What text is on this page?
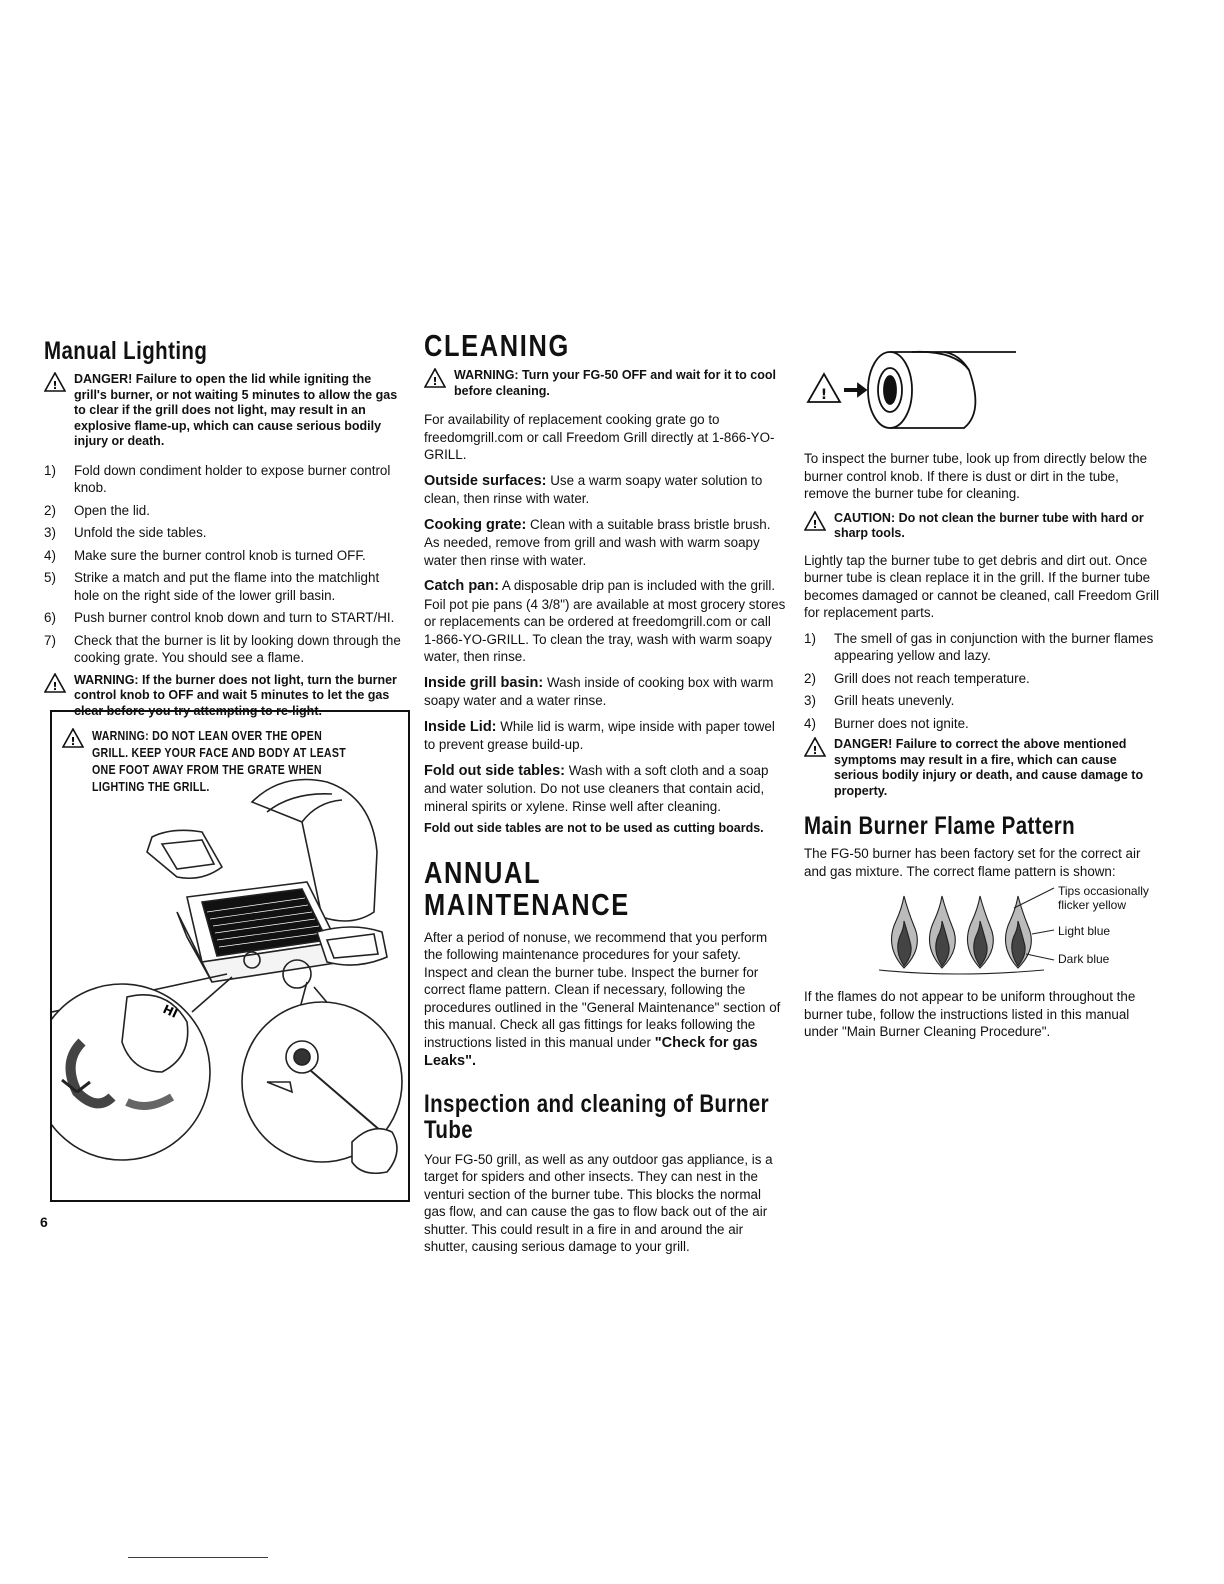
Manual Lighting
! DANGER! Failure to open the lid while igniting the grill's burner, or not waiting 5 minutes to allow the gas to clear if the grill does not light, may result in an explosive flame-up, which can cause serious bodily injury or death.
1)	Fold down condiment holder to expose burner control knob.
2)	Open the lid.
3)	Unfold the side tables.
4)	Make sure the burner control knob is turned OFF.
5)	Strike a match and put the flame into the matchlight hole on the right side of the lower grill basin.
6)	Push burner control knob down and turn to START/HI.
7)	Check that the burner is lit by looking down through the cooking grate. You should see a flame.
! WARNING: If the burner does not light, turn the burner control knob to OFF and wait 5 minutes to let the gas clear before you try attempting to re-light.
! WARNING: DO NOT LEAN OVER THE OPEN GRILL. KEEP YOUR FACE AND BODY AT LEAST ONE FOOT AWAY FROM THE GRATE WHEN LIGHTING THE GRILL.
HI
CLEANING
! WARNING: Turn your FG-50 OFF and wait for it to cool before cleaning.

For availability of replacement cooking grate go to freedomgrill.com or call Freedom Grill directly at 1-866-YO-GRILL.

Outside surfaces: Use a warm soapy water solution to clean, then rinse with water.

Cooking grate: Clean with a suitable brass bristle brush. As needed, remove from grill and wash with warm soapy water then rinse with water.

Catch pan: A disposable drip pan is included with the grill. Foil pot pie pans (4 3/8") are available at most grocery stores or replacements can be ordered at freedomgrill.com or call 1-866-YO-GRILL. To clean the tray, wash with warm soapy water, then rinse.

Inside grill basin: Wash inside of cooking box with warm soapy water and a water rinse.

Inside Lid: While lid is warm, wipe inside with paper towel to prevent grease build-up.

Fold out side tables: Wash with a soft cloth and a soap and water solution. Do not use cleaners that contain acid, mineral spirits or xylene. Rinse well after cleaning.

Fold out side tables are not to be used as cutting boards.

ANNUAL MAINTENANCE

After a period of nonuse, we recommend that you perform the following maintenance procedures for your safety. Inspect and clean the burner tube. Inspect the burner for correct flame pattern. Clean if necessary, following the procedures outlined in the "General Maintenance" section of this manual. Check all gas fittings for leaks following the instructions listed in this manual under "Check for gas Leaks".

Inspection and cleaning of Burner Tube

Your FG-50 grill, as well as any outdoor gas appliance, is a target for spiders and other insects. They can nest in the venturi section of the burner tube. This blocks the normal gas flow, and can cause the gas to flow back out of the air shutter. This could result in a fire in and around the air shutter, causing serious damage to your grill.

!

To inspect the burner tube, look up from directly below the burner control knob. If there is dust or dirt in the tube, remove the burner tube for cleaning.

! CAUTION: Do not clean the burner tube with hard or sharp tools.

Lightly tap the burner tube to get debris and dirt out. Once burner tube is clean replace it in the grill. If the burner tube becomes damaged or cannot be cleaned, call Freedom Grill for replacement parts.

1)	The smell of gas in conjunction with the burner flames appearing yellow and lazy.
2)	Grill does not reach temperature.
3)	Grill heats unevenly.
4)	Burner does not ignite.
! DANGER! Failure to correct the above mentioned symptoms may result in a fire, which can cause serious bodily injury or death, and cause damage to property.
Main Burner Flame Pattern

The FG-50 burner has been factory set for the correct air and gas mixture. The correct flame pattern is shown:

Tips occasionally
flicker yellow
Light blue
Dark blue

If the flames do not appear to be uniform throughout the burner tube, follow the instructions listed in this manual under "Main Burner Cleaning Procedure".

6
